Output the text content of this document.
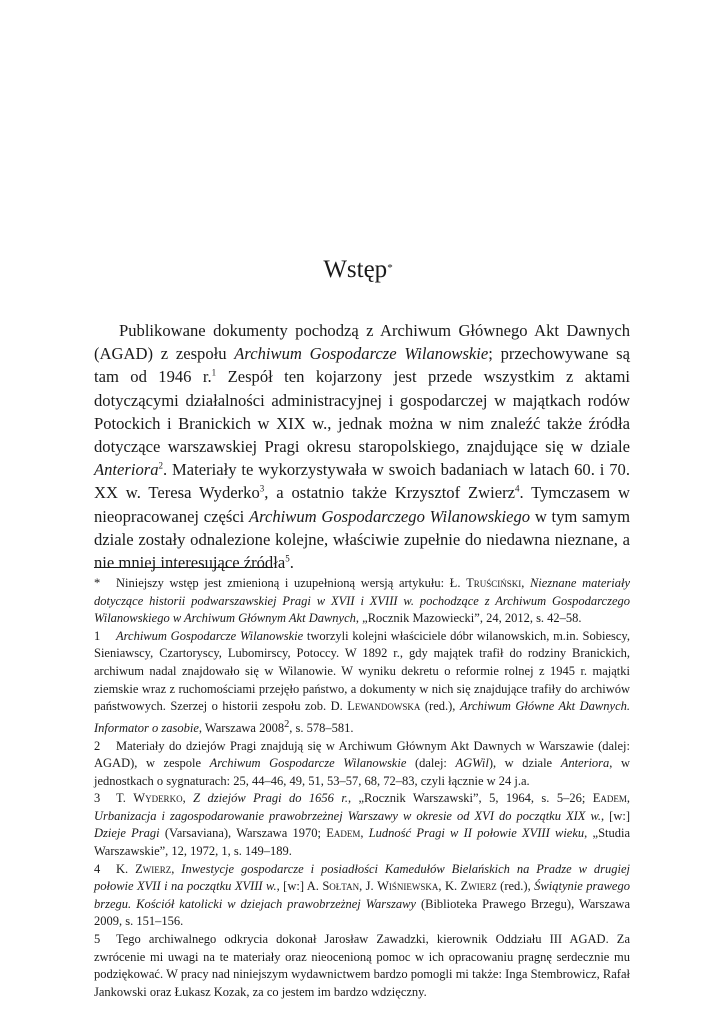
Wstęp*

Publikowane dokumenty pochodzą z Archiwum Głównego Akt Dawnych (AGAD) z zespołu Archiwum Gospodarcze Wilanowskie; przechowywane są tam od 1946 r.$^1$ Zespół ten kojarzony jest przede wszystkim z aktami dotyczącymi działalności administracyjnej i gospodarczej w majątkach rodów Potockich i Branickich w XIX w., jednak można w nim znaleźć także źródła dotyczące warszawskiej Pragi okresu staropolskiego, znajdujące się w dziale Anteriora$^2$. Materiały te wykorzystywała w swoich badaniach w latach 60. i 70. XX w. Teresa Wyderko$^3$, a ostatnio także Krzysztof Zwierz$^4$. Tymczasem w nieopracowanej części Archiwum Gospodarczego Wilanowskiego w tym samym dziale zostały odnalezione kolejne, właściwie zupełnie do niedawna nieznane, a nie mniej interesujące źródła$^5$.

* Niniejszy wstęp jest zmienioną i uzupełnioną wersją artykułu: Ł. Truściński, Nieznane materiały dotyczące historii podwarszawskiej Pragi w XVII i XVIII w. pochodzące z Archiwum Gospodarczego Wilanowskiego w Archiwum Głównym Akt Dawnych, „Rocznik Mazowiecki”, 24, 2012, s. 42–58.

1 Archiwum Gospodarcze Wilanowskie tworzyli kolejni właściciele dóbr wilanowskich, m.in. Sobiescy, Sieniawscy, Czartoryscy, Lubomirscy, Potoccy. W 1892 r., gdy majątek trafił do rodziny Branickich, archiwum nadal znajdowało się w Wilanowie. W wyniku dekretu o reformie rolnej z 1945 r. majątki ziemskie wraz z ruchomościami przejęło państwo, a dokumenty w nich się znajdujące trafiły do archiwów państwowych. Szerzej o historii zespołu zob. D. Lewandowska (red.), Archiwum Główne Akt Dawnych. Informator o zasobie, Warszawa 2008$^2$, s. 578–581.

2 Materiały do dziejów Pragi znajdują się w Archiwum Głównym Akt Dawnych w Warszawie (dalej: AGAD), w zespole Archiwum Gospodarcze Wilanowskie (dalej: AGWil), w dziale Anteriora, w jednostkach o sygnaturach: 25, 44–46, 49, 51, 53–57, 68, 72–83, czyli łącznie w 24 j.a.

3 T. Wyderko, Z dziejów Pragi do 1656 r., „Rocznik Warszawski”, 5, 1964, s. 5–26; Eadem, Urbanizacja i zagospodarowanie prawobrzeżnej Warszawy w okresie od XVI do początku XIX w., [w:] Dzieje Pragi (Varsaviana), Warszawa 1970; Eadem, Ludność Pragi w II połowie XVIII wieku, „Studia Warszawskie”, 12, 1972, 1, s. 149–189.

4 K. Zwierz, Inwestycje gospodarcze i posiadłości Kamedułów Bielańskich na Pradze w drugiej połowie XVII i na początku XVIII w., [w:] A. Sołtan, J. Wiśniewska, K. Zwierz (red.), Świątynie prawego brzegu. Kościół katolicki w dziejach prawobrzeżnej Warszawy (Biblioteka Prawego Brzegu), Warszawa 2009, s. 151–156.

5 Tego archiwalnego odkrycia dokonał Jarosław Zawadzki, kierownik Oddziału III AGAD. Za zwrócenie mi uwagi na te materiały oraz nieocenioną pomoc w ich opracowaniu pragnę serdecznie mu podziękować. W pracy nad niniejszym wydawnictwem bardzo pomogli mi także: Inga Stembrowicz, Rafał Jankowski oraz Łukasz Kozak, za co jestem im bardzo wdzięczny.
